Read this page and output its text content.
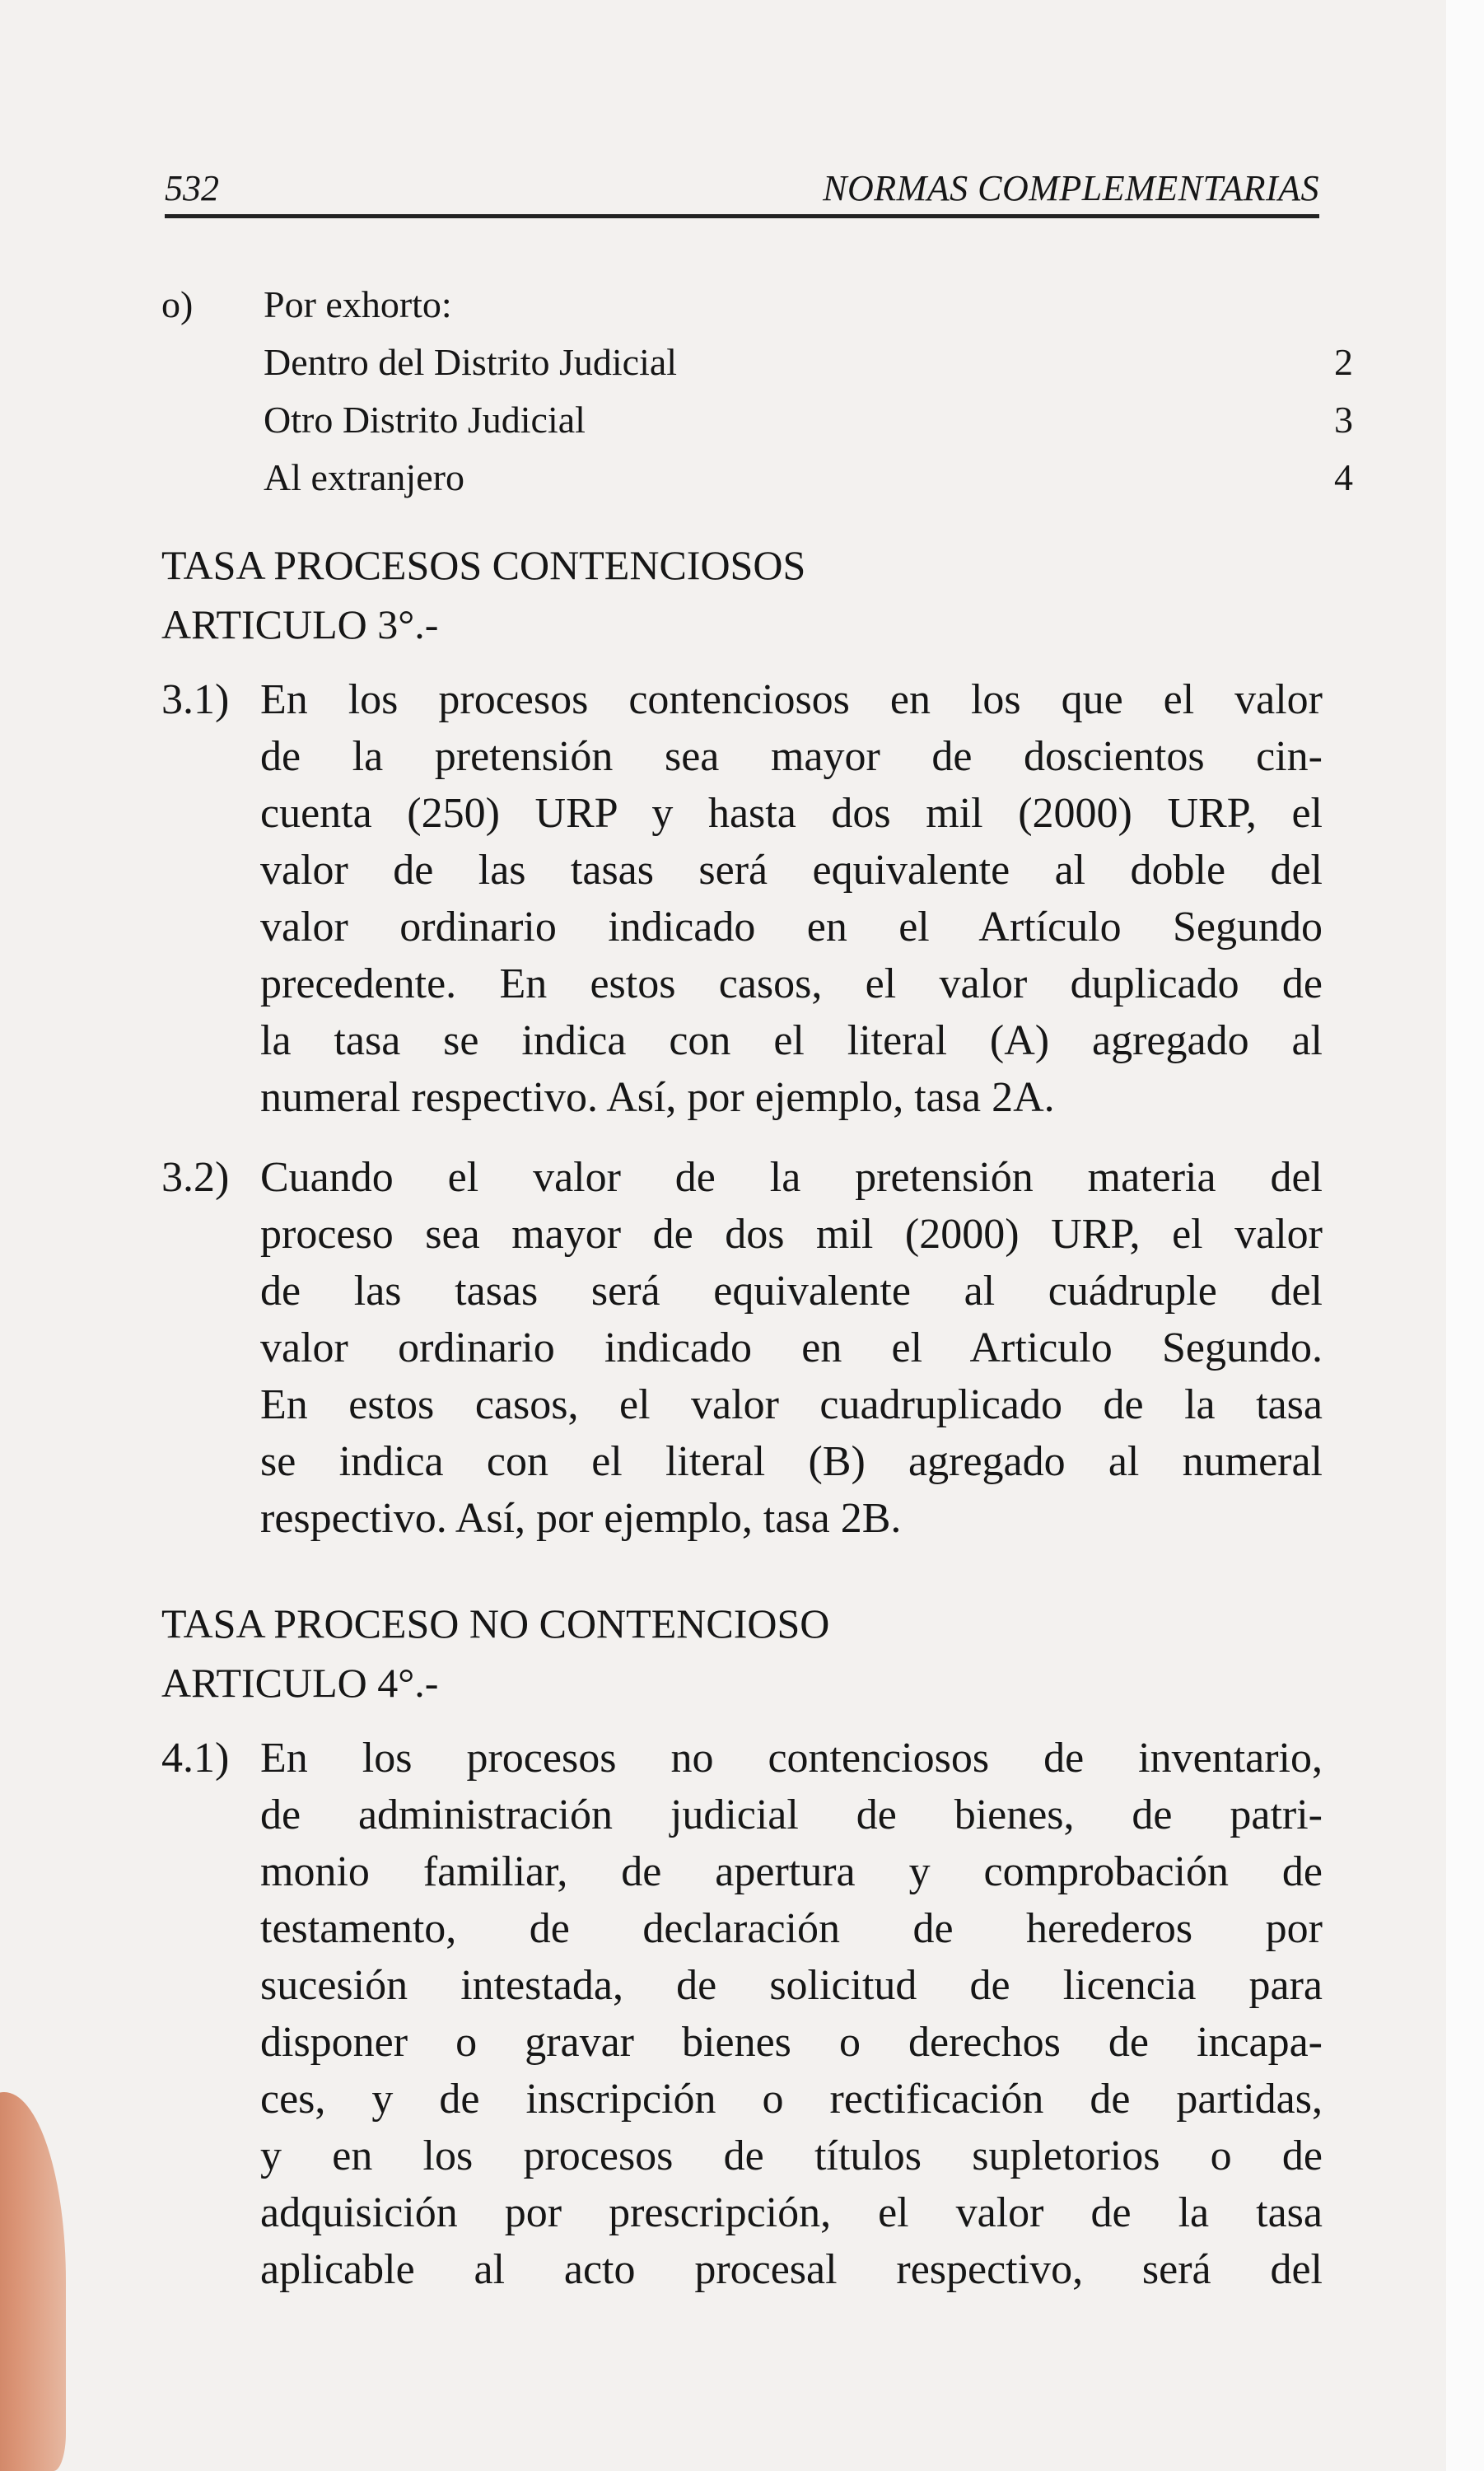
532	NORMAS COMPLEMENTARIAS
o) Por exhorto:
Dentro del Distrito Judicial	2
Otro Distrito Judicial	3
Al extranjero	4
TASA PROCESOS CONTENCIOSOS
ARTICULO 3°.-
3.1) En los procesos contenciosos en los que el valor
de la pretensión sea mayor de doscientos cin-
cuenta (250) URP y hasta dos mil (2000) URP, el
valor de las tasas será equivalente al doble del
valor ordinario indicado en el Artículo Segundo
precedente. En estos casos, el valor duplicado de
la tasa se indica con el literal (A) agregado al
numeral respectivo. Así, por ejemplo, tasa 2A.
3.2) Cuando el valor de la pretensión materia del
proceso sea mayor de dos mil (2000) URP, el valor
de las tasas será equivalente al cuádruple del
valor ordinario indicado en el Articulo Segundo.
En estos casos, el valor cuadruplicado de la tasa
se indica con el literal (B) agregado al numeral
respectivo. Así, por ejemplo, tasa 2B.
TASA PROCESO NO CONTENCIOSO
ARTICULO 4°.-
4.1) En los procesos no contenciosos de inventario,
de administración judicial de bienes, de patri-
monio familiar, de apertura y comprobación de
testamento, de declaración de herederos por
sucesión intestada, de solicitud de licencia para
disponer o gravar bienes o derechos de incapa-
ces, y de inscripción o rectificación de partidas,
y en los procesos de títulos supletorios o de
adquisición por prescripción, el valor de la tasa
aplicable al acto procesal respectivo, será del
